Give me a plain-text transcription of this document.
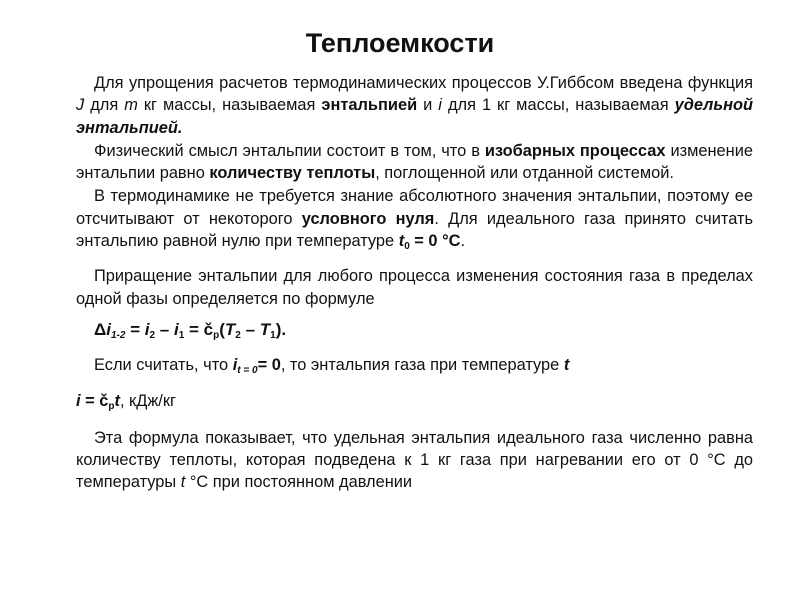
Теплоемкости

Для упрощения расчетов термодинамических процессов У.Гиббсом введена функция J для m кг массы, называемая энтальпией и i для 1 кг массы, называемая удельной энтальпией.

Физический смысл энтальпии состоит в том, что в изобарных процессах изменение энтальпии равно количеству теплоты, поглощенной или отданной системой.

В термодинамике не требуется знание абсолютного значения энтальпии, поэтому ее отсчитывают от некоторого условного нуля. Для идеального газа принято считать энтальпию равной нулю при температуре $t_0 = 0$ °С.

Приращение энтальпии для любого процесса изменения состояния газа в пределах одной фазы определяется по формуле

$\Delta i_{1-2} = i_2 - i_1$ = $č_р(T_2 - T_1)$.

Если считать, что $i_{t = 0}= 0$, то энтальпия газа при температуре t

$i = č_рt$, кДж/кг

Эта формула показывает, что удельная энтальпия идеального газа численно равна количеству теплоты, которая подведена к 1 кг газа при нагревании его от 0 °С до температуры t °С при постоянном давлении
